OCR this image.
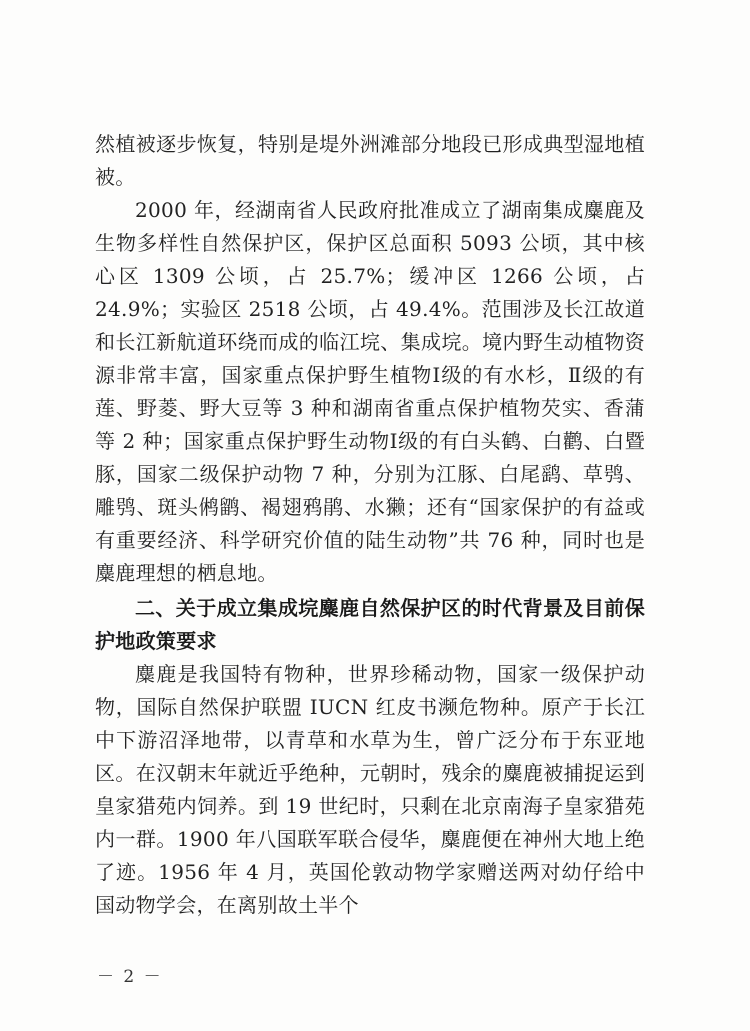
然植被逐步恢复，特别是堤外洲滩部分地段已形成典型湿地植被。

2000 年，经湖南省人民政府批准成立了湖南集成麋鹿及生物多样性自然保护区，保护区总面积 5093 公顷，其中核心区 1309 公顷，占 25.7%；缓冲区 1266 公顷，占 24.9%；实验区 2518 公顷，占 49.4%。范围涉及长江故道和长江新航道环绕而成的临江垸、集成垸。境内野生动植物资源非常丰富，国家重点保护野生植物Ⅰ级的有水杉，Ⅱ级的有莲、野菱、野大豆等 3 种和湖南省重点保护植物芡实、香蒲等 2 种；国家重点保护野生动物Ⅰ级的有白头鹤、白鹳、白暨豚，国家二级保护动物 7 种，分别为江豚、白尾鹞、草鸮、雕鸮、斑头鸺鹠、褐翅鸦鹃、水獭；还有“国家保护的有益或有重要经济、科学研究价值的陆生动物”共 76 种，同时也是麋鹿理想的栖息地。

二、关于成立集成垸麋鹿自然保护区的时代背景及目前保护地政策要求

麋鹿是我国特有物种，世界珍稀动物，国家一级保护动物，国际自然保护联盟 IUCN 红皮书濒危物种。原产于长江中下游沼泽地带，以青草和水草为生，曾广泛分布于东亚地区。在汉朝末年就近乎绝种，元朝时，残余的麋鹿被捕捉运到皇家猎苑内饲养。到 19 世纪时，只剩在北京南海子皇家猎苑内一群。1900 年八国联军联合侵华，麋鹿便在神州大地上绝了迹。1956 年 4 月，英国伦敦动物学家赠送两对幼仔给中国动物学会，在离别故土半个

－ 2 －
